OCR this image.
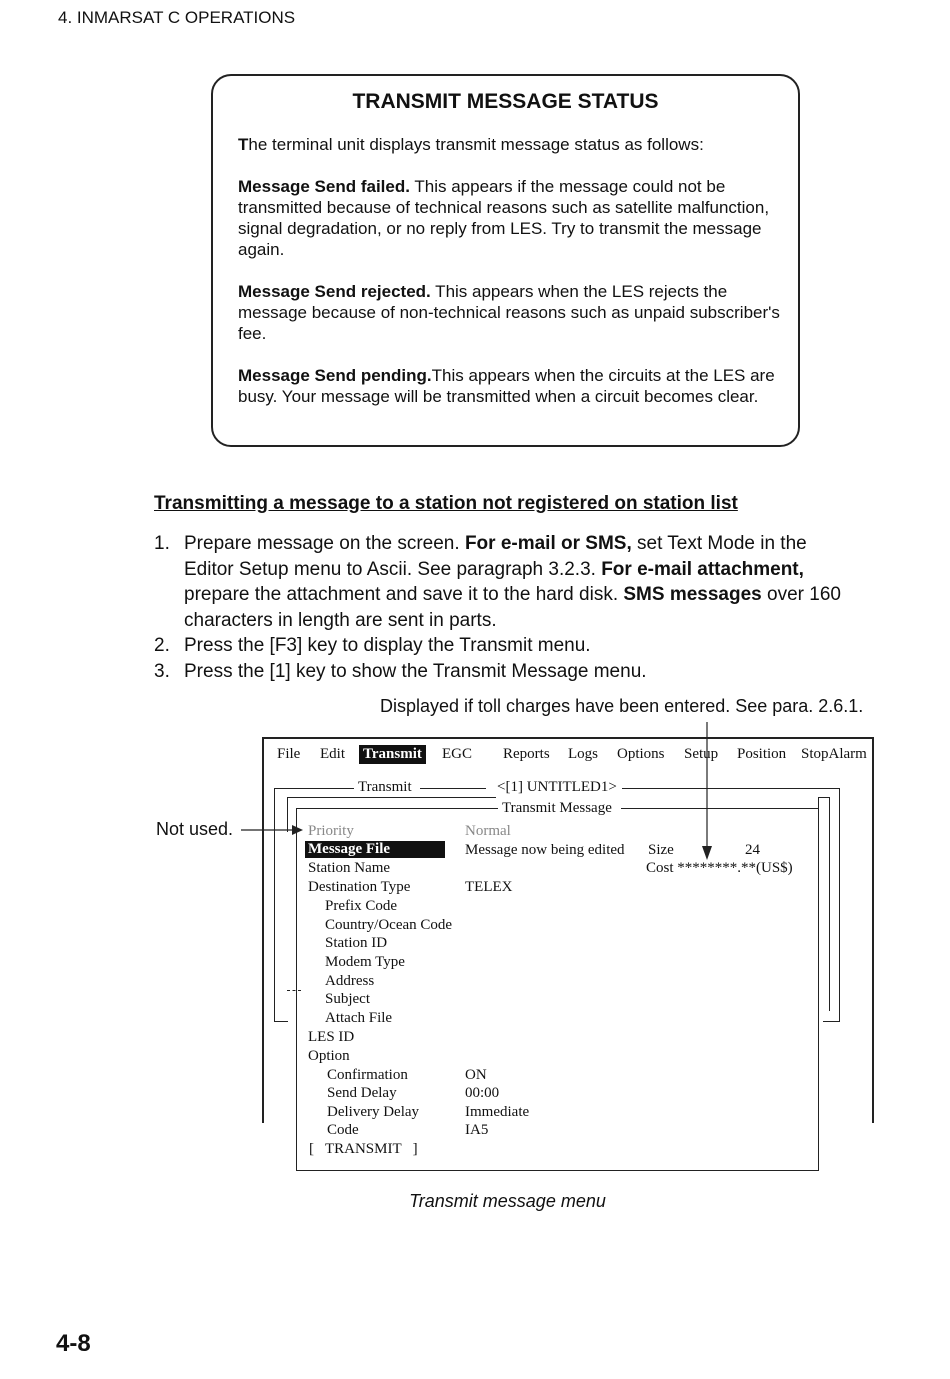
4. INMARSAT C OPERATIONS
TRANSMIT MESSAGE STATUS
The terminal unit displays transmit message status as follows:
Message Send failed. This appears if the message could not be transmitted because of technical reasons such as satellite malfunction, signal degradation, or no reply from LES. Try to transmit the message again.
Message Send rejected. This appears when the LES rejects the message because of non-technical reasons such as unpaid subscriber's fee.
Message Send pending.This appears when the circuits at the LES are busy. Your message will be transmitted when a circuit becomes clear.
Transmitting a message to a station not registered on station list
1. Prepare message on the screen. For e-mail or SMS, set Text Mode in the Editor Setup menu to Ascii. See paragraph 3.2.3. For e-mail attachment, prepare the attachment and save it to the hard disk. SMS messages over 160 characters in length are sent in parts.
2. Press the [F3] key to display the Transmit menu.
3. Press the [1] key to show the Transmit Message menu.
Displayed if toll charges have been entered. See para. 2.6.1.
Not used.
File Edit Transmit EGC Reports Logs Options Setup Position StopAlarm
Transmit	<[1] UNTITLED1>
Transmit Message
Priority	Normal
Message File	Message now being edited Size	24
Cost ********.**(US$)
Station Name
Destination Type	TELEX
Prefix Code
Country/Ocean Code
Station ID
Modem Type
Address
Subject
Attach File
LES ID
Option
Confirmation	ON
Send Delay	00:00
Delivery Delay	Immediate
Code	IA5
[   TRANSMIT   ]
Transmit message menu
4-8
